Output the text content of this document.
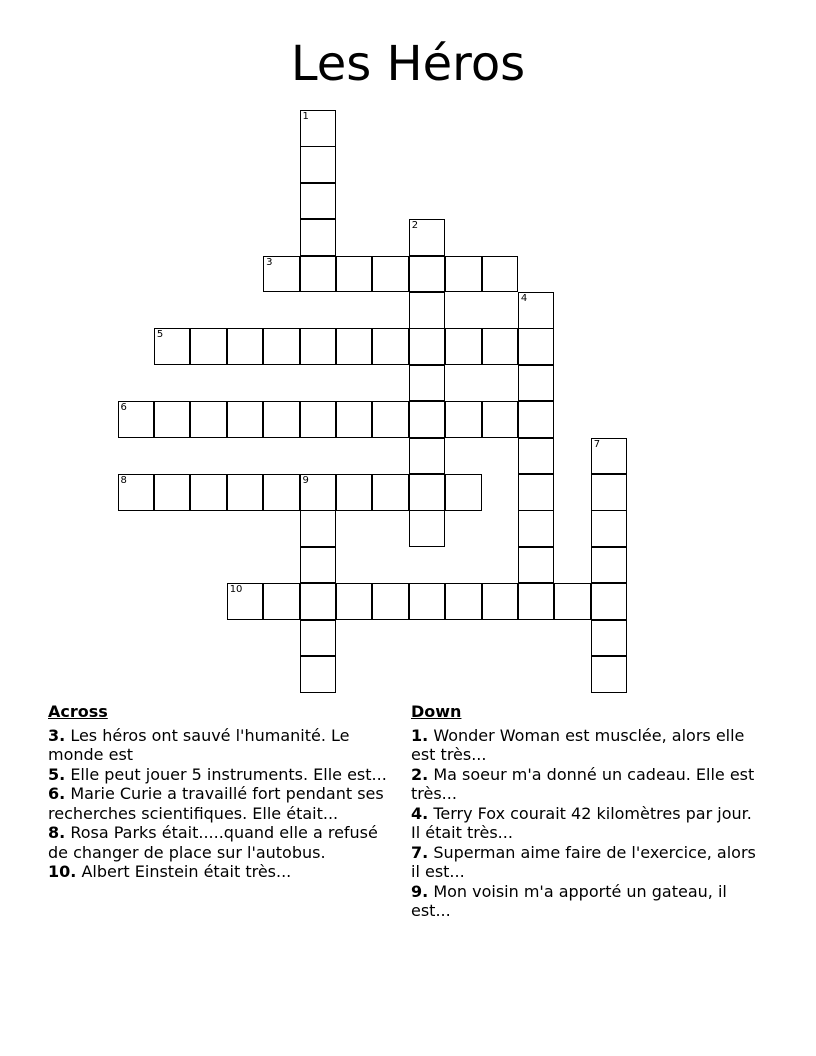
Les Héros
1
2
3
4
5
6
7
8	9
10
Across
3. Les héros ont sauvé l'humanité. Le monde est
5. Elle peut jouer 5 instruments. Elle est...
6. Marie Curie a travaillé fort pendant ses recherches scientifiques. Elle était...
8. Rosa Parks était.....quand elle a refusé de changer de place sur l'autobus.
10. Albert Einstein était très...
Down
1. Wonder Woman est musclée, alors elle est très...
2. Ma soeur m'a donné un cadeau. Elle est très...
4. Terry Fox courait 42 kilomètres par jour. Il était très...
7. Superman aime faire de l'exercice, alors il est...
9. Mon voisin m'a apporté un gateau, il est...
